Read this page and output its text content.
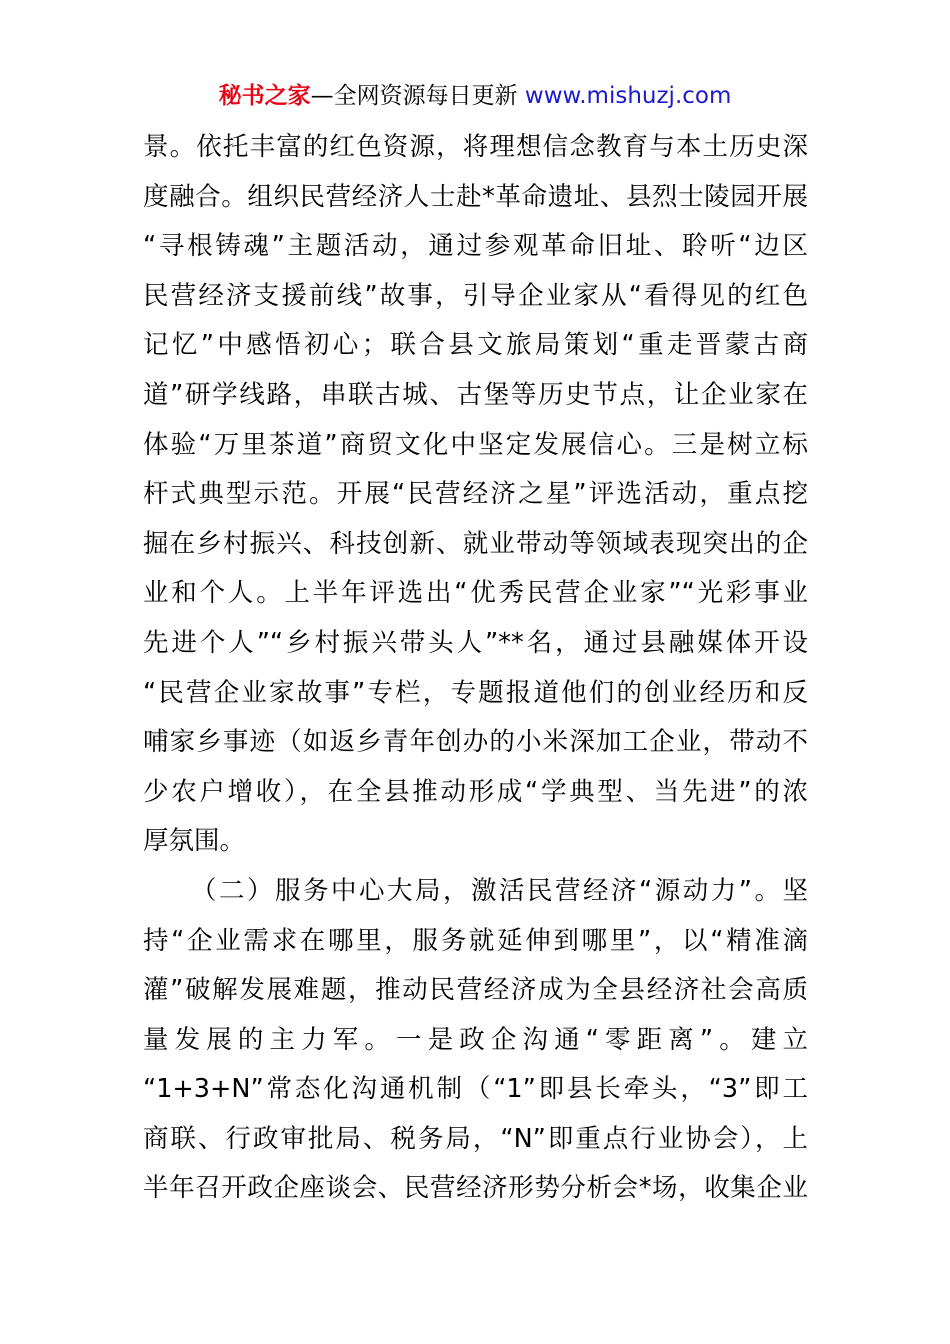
秘书之家—全网资源每日更新 www.mishuzj.com
景。依托丰富的红色资源，将理想信念教育与本土历史深
度融合。组织民营经济人士赴*革命遗址、县烈士陵园开展
“寻根铸魂”主题活动，通过参观革命旧址、聆听“边区
民营经济支援前线”故事，引导企业家从“看得见的红色
记忆”中感悟初心；联合县文旅局策划“重走晋蒙古商
道”研学线路，串联古城、古堡等历史节点，让企业家在
体验“万里茶道”商贸文化中坚定发展信心。三是树立标
杆式典型示范。开展“民营经济之星”评选活动，重点挖
掘在乡村振兴、科技创新、就业带动等领域表现突出的企
业和个人。上半年评选出“优秀民营企业家”“光彩事业
先进个人”“乡村振兴带头人”**名，通过县融媒体开设
“民营企业家故事”专栏，专题报道他们的创业经历和反
哺家乡事迹（如返乡青年创办的小米深加工企业，带动不
少农户增收），在全县推动形成“学典型、当先进”的浓
厚氛围。
（二）服务中心大局，激活民营经济“源动力”。坚
持“企业需求在哪里，服务就延伸到哪里”，以“精准滴
灌”破解发展难题，推动民营经济成为全县经济社会高质
量发展的主力军。一是政企沟通“零距离”。建立
“1+3+N”常态化沟通机制（“1”即县长牵头，“3”即工
商联、行政审批局、税务局，“N”即重点行业协会），上
半年召开政企座谈会、民营经济形势分析会*场，收集企业
